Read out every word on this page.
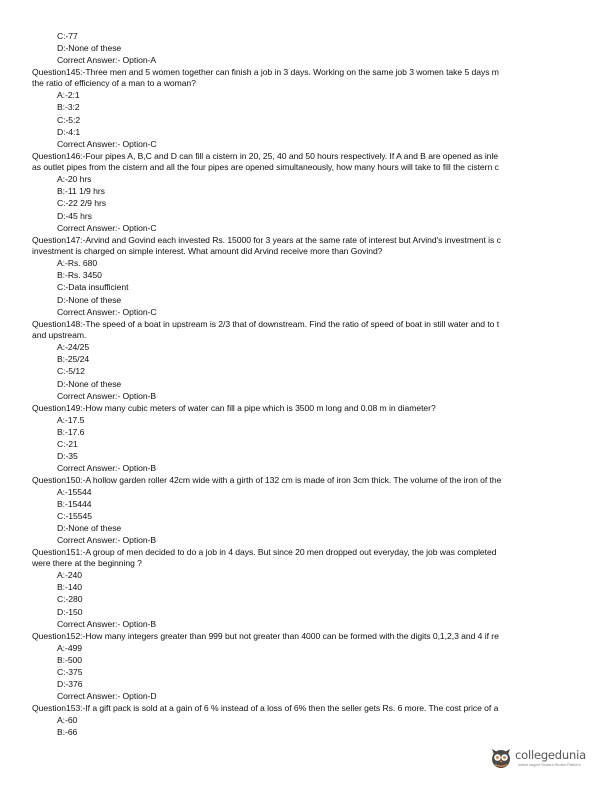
C:-77
D:-None of these
Correct Answer:- Option-A
Question145:-Three men and 5 women together can finish a job in 3 days. Working on the same job 3 women take 5 days m
the ratio of efficiency of a man to a woman?
A:-2:1
B:-3:2
C:-5:2
D:-4:1
Correct Answer:- Option-C
Question146:-Four pipes A, B,C and D can fill a cistern in 20, 25, 40 and 50 hours respectively. If A and B are opened as inle
as outlet pipes from the cistern and all the four pipes are opened simultaneously, how many hours will take to fill the cistern c
A:-20 hrs
B:-11 1/9 hrs
C:-22 2/9 hrs
D:-45 hrs
Correct Answer:- Option-C
Question147:-Arvind and Govind each invested Rs. 15000 for 3 years at the same rate of interest but Arvind's investment is c
investment is charged on simple interest. What amount did Arvind receive more than Govind?
A:-Rs. 680
B:-Rs. 3450
C:-Data insufficient
D:-None of these
Correct Answer:- Option-C
Question148:-The speed of a boat in upstream is 2/3 that of downstream. Find the ratio of speed of boat in still water and to t
and upstream.
A:-24/25
B:-25/24
C:-5/12
D:-None of these
Correct Answer:- Option-B
Question149:-How many cubic meters of water can fill a pipe which is 3500 m long and 0.08 m in diameter?
A:-17.5
B:-17.6
C:-21
D:-35
Correct Answer:- Option-B
Question150:-A hollow garden roller 42cm wide with a girth of 132 cm is made of iron 3cm thick. The volume of the iron of the
A:-15544
B:-15444
C:-15545
D:-None of these
Correct Answer:- Option-B
Question151:-A group of men decided to do a job in 4 days. But since 20 men dropped out everyday, the job was completed
were there at the beginning ?
A:-240
B:-140
C:-280
D:-150
Correct Answer:- Option-B
Question152:-How many integers greater than 999 but not greater than 4000 can be formed with the digits 0,1,2,3 and 4 if re
A:-499
B:-500
C:-375
D:-376
Correct Answer:- Option-D
Question153:-If a gift pack is sold at a gain of 6 % instead of a loss of 6% then the seller gets Rs. 6 more. The cost price of a
A:-60
B:-66
collegedunia
India's largest Student Review Platform
